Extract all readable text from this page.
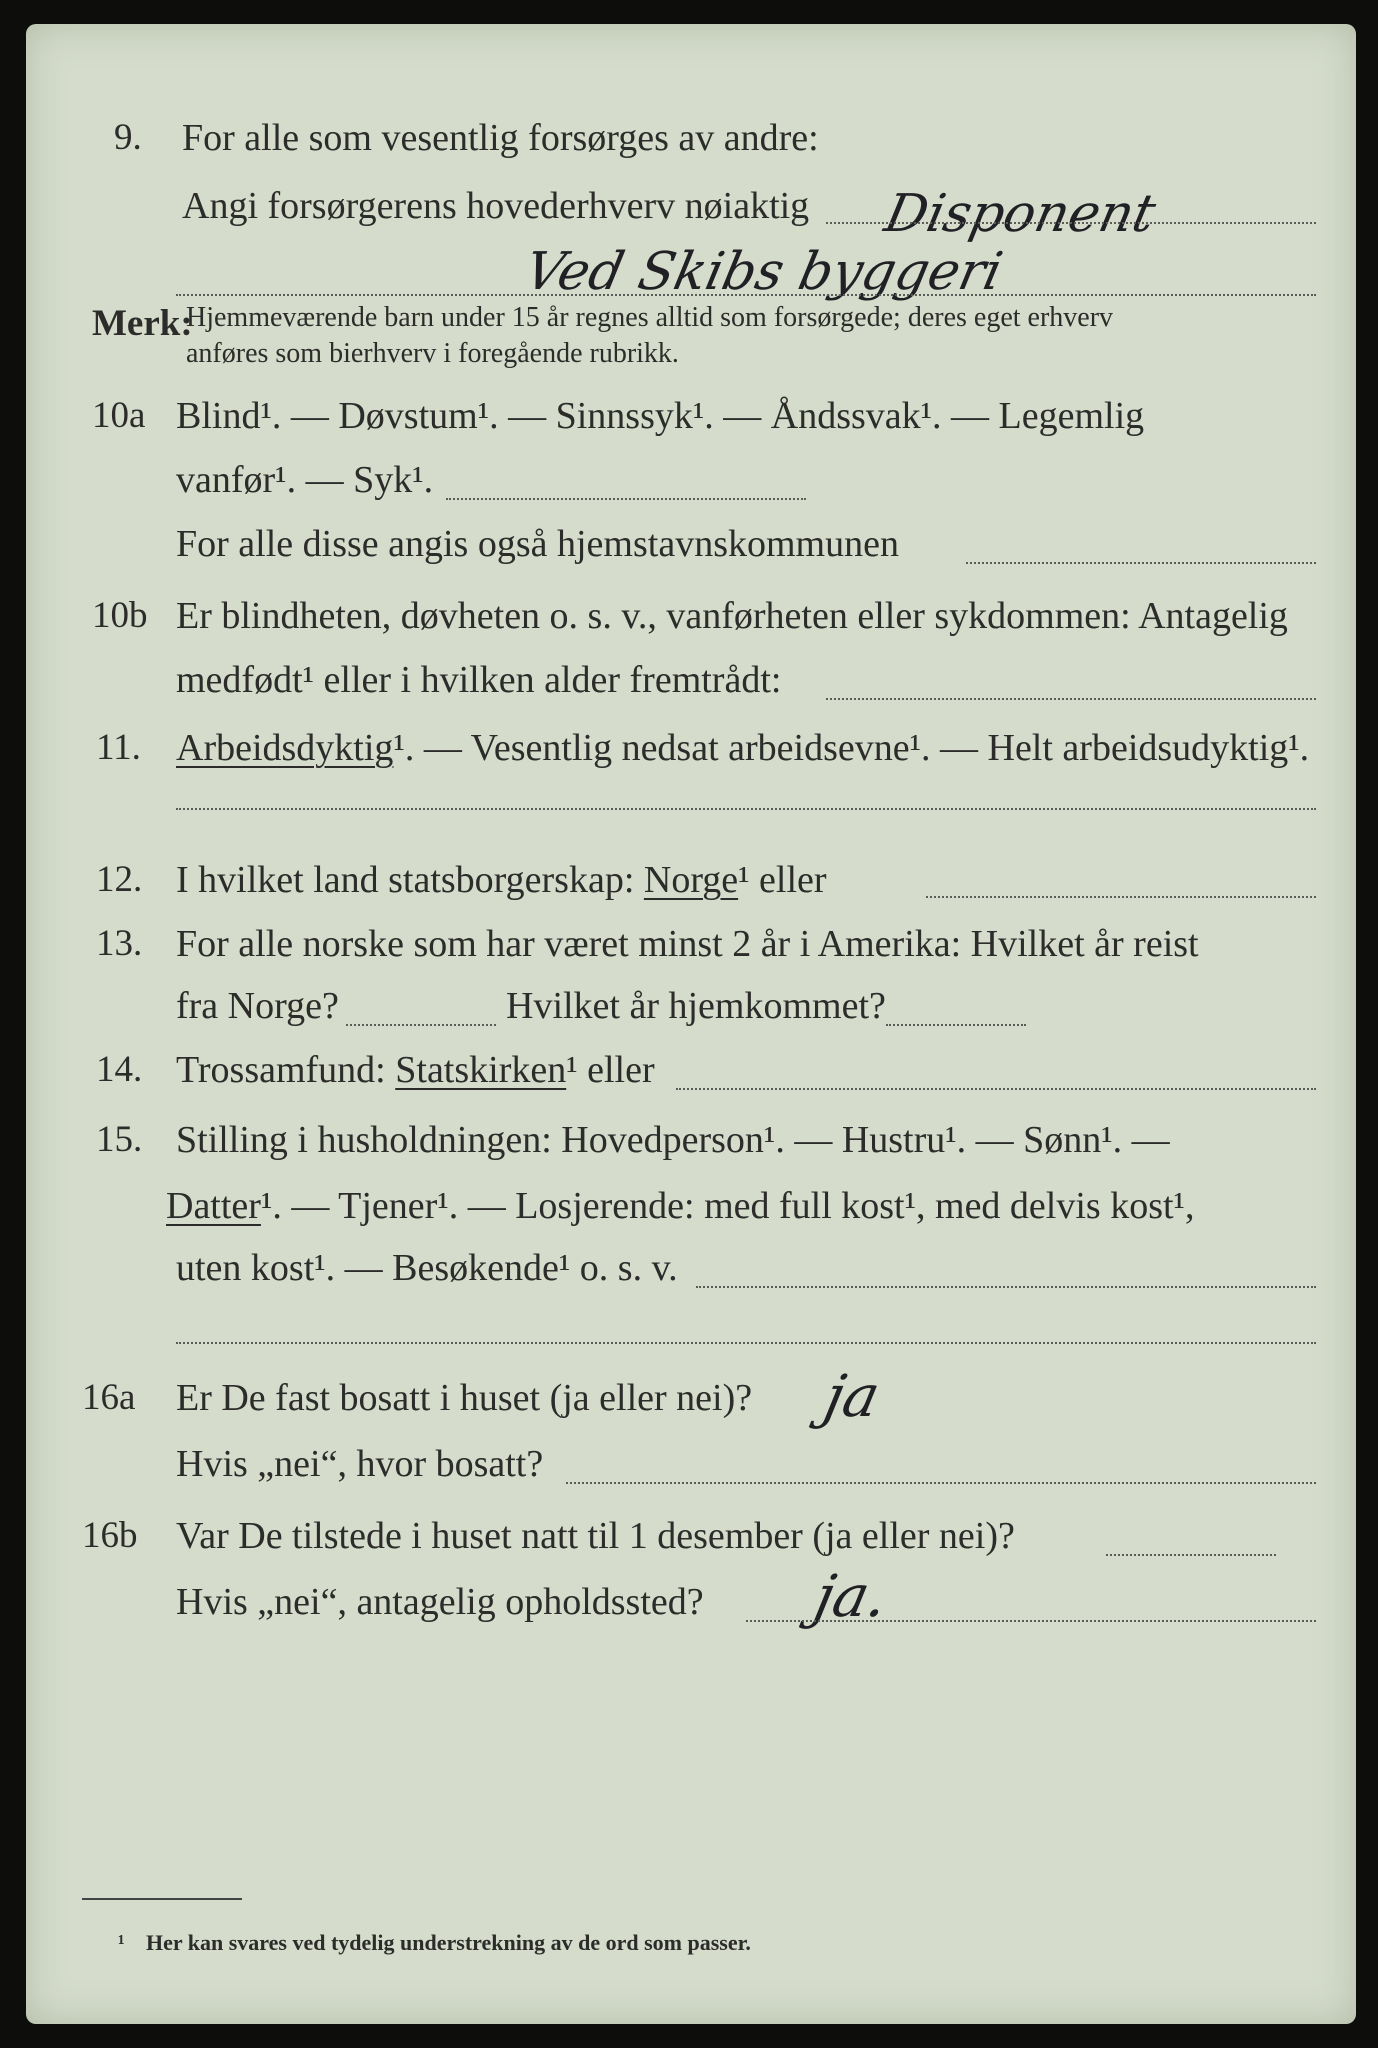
9. For alle som vesentlig forsørges av andre:
Disponent
Angi forsørgerens hovederhverv nøiaktig
Ved Skibs byggeri
Merk:
Hjemmeværende barn under 15 år regnes alltid som forsørgede; deres eget erhverv
anføres som bierhverv i foregående rubrikk.
10a Blind¹. — Døvstum¹. — Sinnssyk¹. — Åndssvak¹. — Legemlig
vanfør¹. — Syk¹.
For alle disse angis også hjemstavnskommunen
10b Er blindheten, døvheten o. s. v., vanførheten eller sykdommen: Antagelig
medfødt¹ eller i hvilken alder fremtrådt:
11. Arbeidsdyktig¹. — Vesentlig nedsat arbeidsevne¹. — Helt arbeidsudyktig¹.
12. I hvilket land statsborgerskap: Norge¹ eller
13. For alle norske som har været minst 2 år i Amerika: Hvilket år reist
fra Norge?	Hvilket år hjemkommet?
14. Trossamfund: Statskirken¹ eller
15. Stilling i husholdningen: Hovedperson¹. — Hustru¹. — Sønn¹. —
Datter¹. — Tjener¹. — Losjerende: med full kost¹, med delvis kost¹,
uten kost¹. — Besøkende¹ o. s. v.
16a Er De fast bosatt i huset (ja eller nei)? ja
Hvis „nei“, hvor bosatt?
16b Var De tilstede i huset natt til 1 desember (ja eller nei)?
Hvis „nei“, antagelig opholdssted? ja.
¹ Her kan svares ved tydelig understrekning av de ord som passer.
